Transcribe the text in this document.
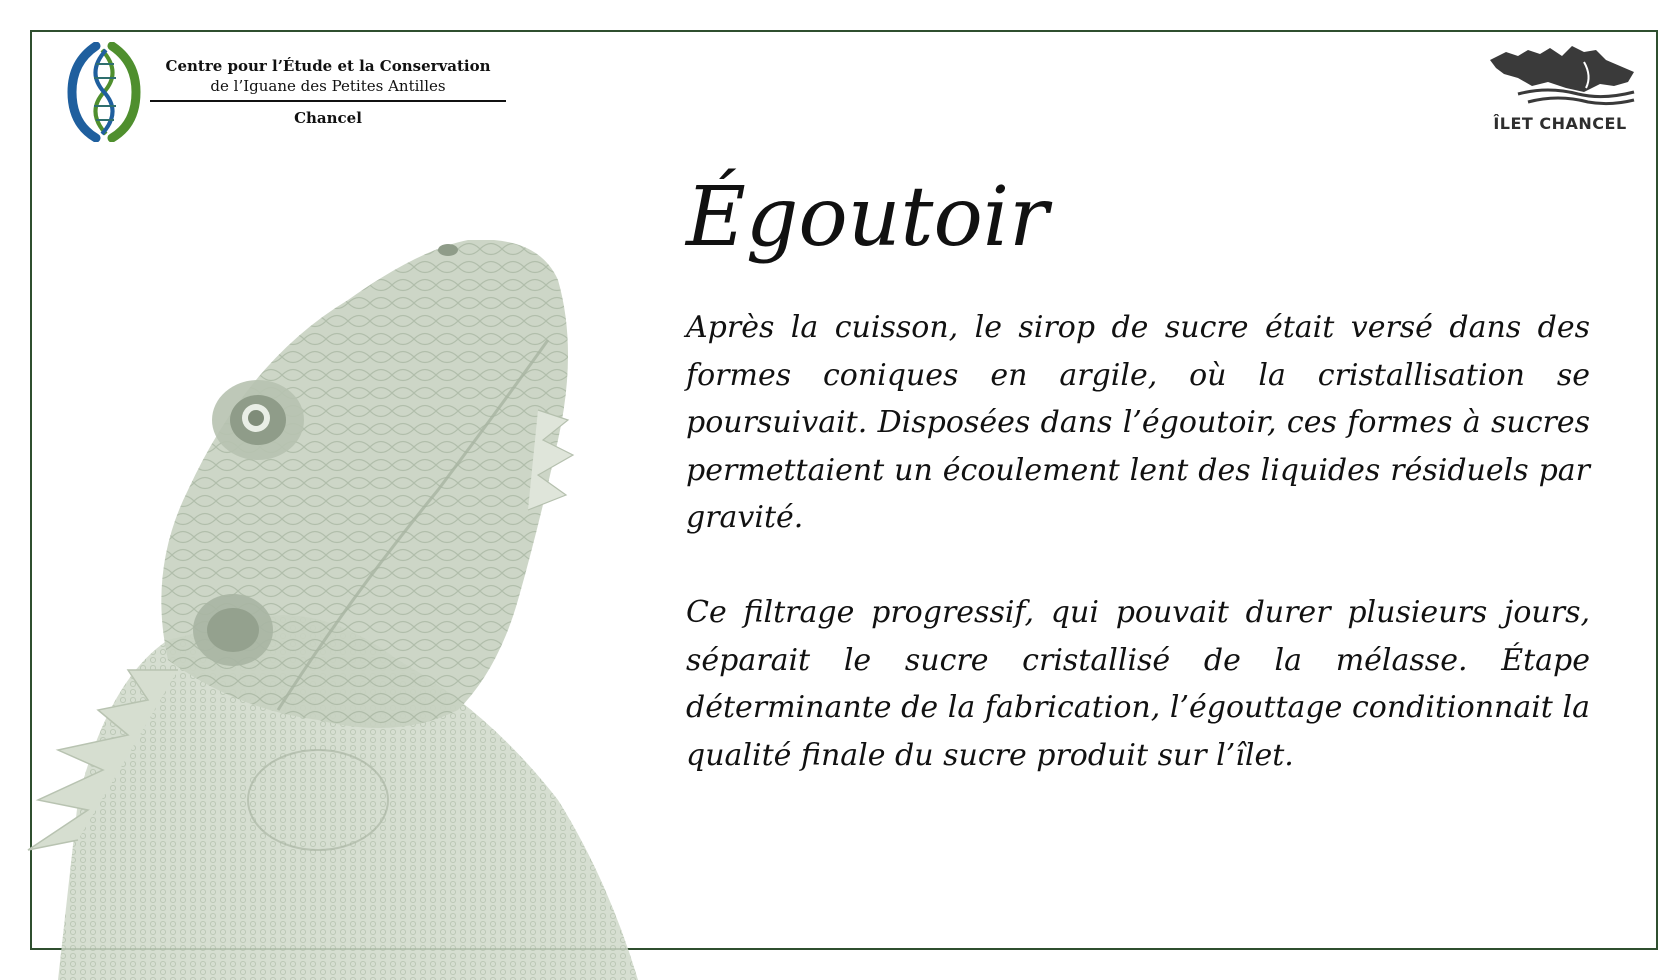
Centre pour l’Étude et la Conservation
de l’Iguane des Petites Antilles
Chancel	ÎLET CHANCEL
Égoutoir

Après la cuisson, le sirop de sucre était versé dans des formes coniques en argile, où la cristallisation se poursuivait. Disposées dans l’égoutoir, ces formes à sucres permettaient un écoulement lent des liquides résiduels par gravité.

Ce filtrage progressif, qui pouvait durer plusieurs jours, séparait le sucre cristallisé de la mélasse. Étape déterminante de la fabrication, l’égouttage conditionnait la qualité finale du sucre produit sur l’îlet.
